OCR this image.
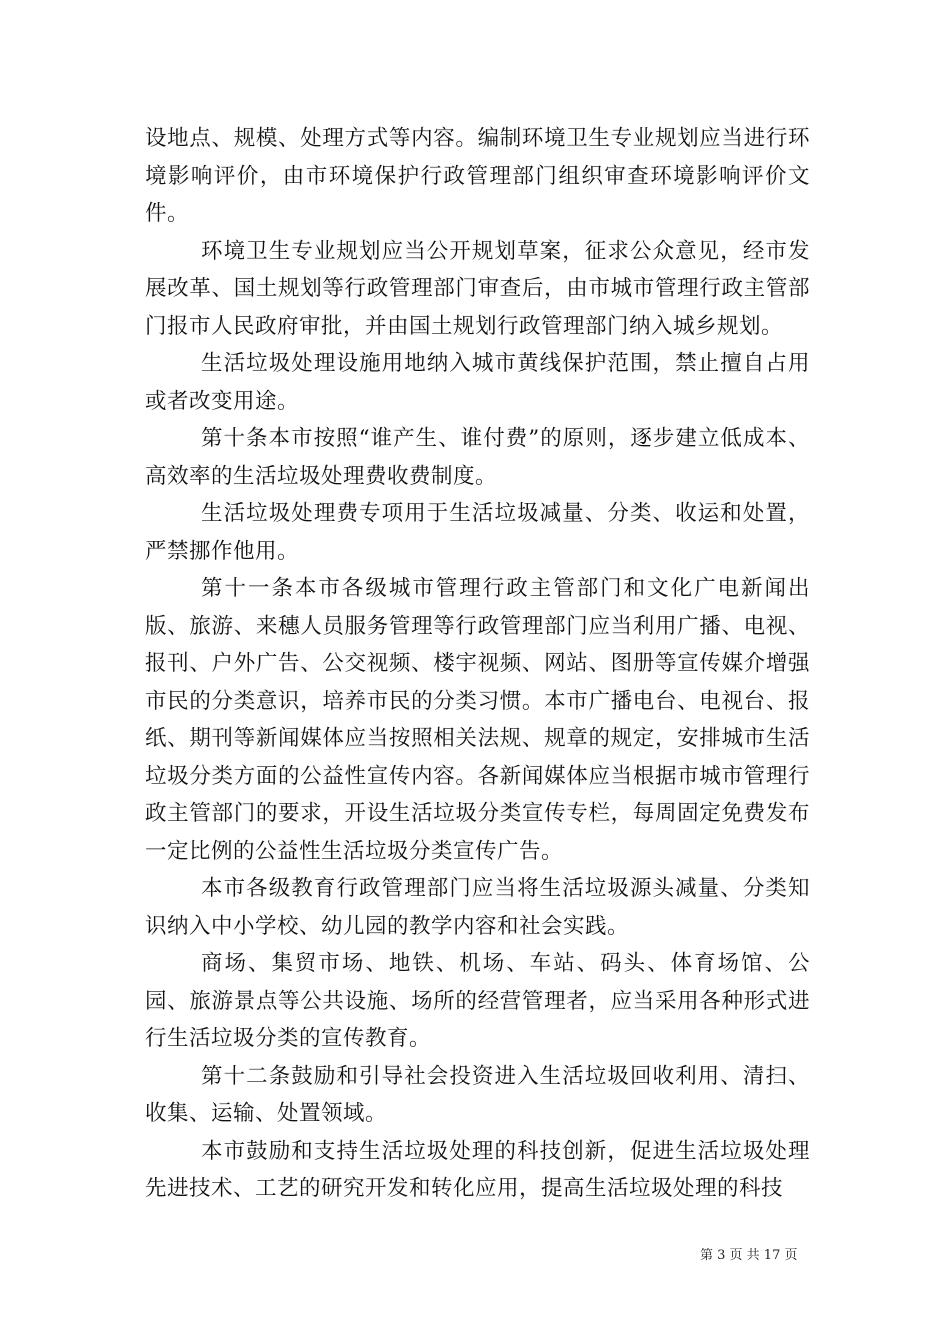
设地点、规模、处理方式等内容。编制环境卫生专业规划应当进行环境影响评价，由市环境保护行政管理部门组织审查环境影响评价文件。

环境卫生专业规划应当公开规划草案，征求公众意见，经市发展改革、国土规划等行政管理部门审查后，由市城市管理行政主管部门报市人民政府审批，并由国土规划行政管理部门纳入城乡规划。

生活垃圾处理设施用地纳入城市黄线保护范围，禁止擅自占用或者改变用途。

第十条本市按照“谁产生、谁付费”的原则，逐步建立低成本、高效率的生活垃圾处理费收费制度。

生活垃圾处理费专项用于生活垃圾减量、分类、收运和处置，严禁挪作他用。

第十一条本市各级城市管理行政主管部门和文化广电新闻出版、旅游、来穗人员服务管理等行政管理部门应当利用广播、电视、报刊、户外广告、公交视频、楼宇视频、网站、图册等宣传媒介增强市民的分类意识，培养市民的分类习惯。本市广播电台、电视台、报纸、期刊等新闻媒体应当按照相关法规、规章的规定，安排城市生活垃圾分类方面的公益性宣传内容。各新闻媒体应当根据市城市管理行政主管部门的要求，开设生活垃圾分类宣传专栏，每周固定免费发布一定比例的公益性生活垃圾分类宣传广告。

本市各级教育行政管理部门应当将生活垃圾源头减量、分类知识纳入中小学校、幼儿园的教学内容和社会实践。

商场、集贸市场、地铁、机场、车站、码头、体育场馆、公园、旅游景点等公共设施、场所的经营管理者，应当采用各种形式进行生活垃圾分类的宣传教育。

第十二条鼓励和引导社会投资进入生活垃圾回收利用、清扫、收集、运输、处置领域。

本市鼓励和支持生活垃圾处理的科技创新，促进生活垃圾处理先进技术、工艺的研究开发和转化应用，提高生活垃圾处理的科技

第 3 页 共 17 页
